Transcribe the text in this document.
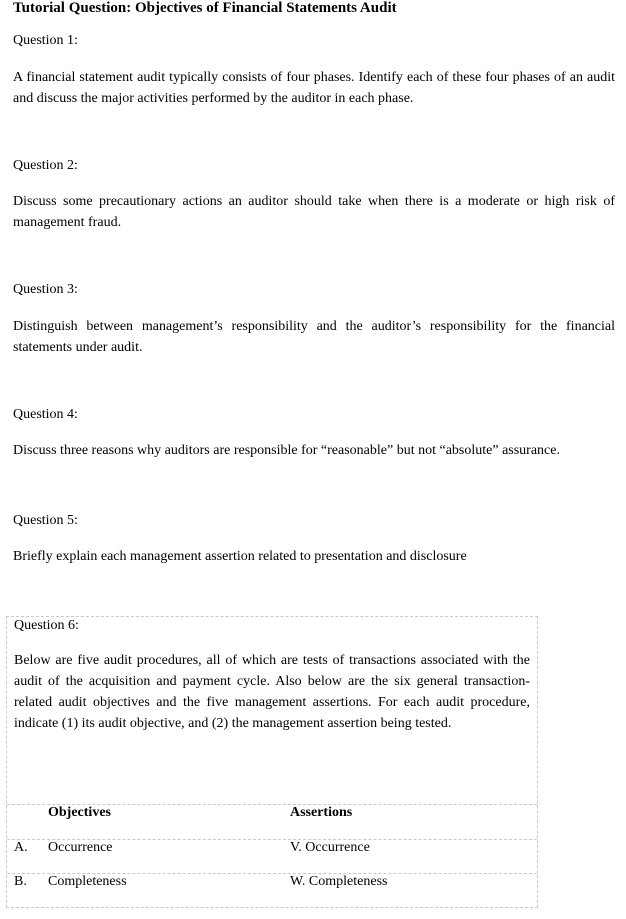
Tutorial Question: Objectives of Financial Statements Audit
Question 1:
A financial statement audit typically consists of four phases. Identify each of these four phases of an audit and discuss the major activities performed by the auditor in each phase.
Question 2:
Discuss some precautionary actions an auditor should take when there is a moderate or high risk of management fraud.
Question 3:
Distinguish between management’s responsibility and the auditor’s responsibility for the financial statements under audit.
Question 4:
Discuss three reasons why auditors are responsible for “reasonable” but not “absolute” assurance.
Question 5:
Briefly explain each management assertion related to presentation and disclosure
Question 6:
Below are five audit procedures, all of which are tests of transactions associated with the audit of the acquisition and payment cycle. Also below are the six general transaction-related audit objectives and the five management assertions. For each audit procedure, indicate (1) its audit objective, and (2) the management assertion being tested.
Objectives	Assertions
A. Occurrence	V. Occurrence
B. Completeness	W. Completeness
